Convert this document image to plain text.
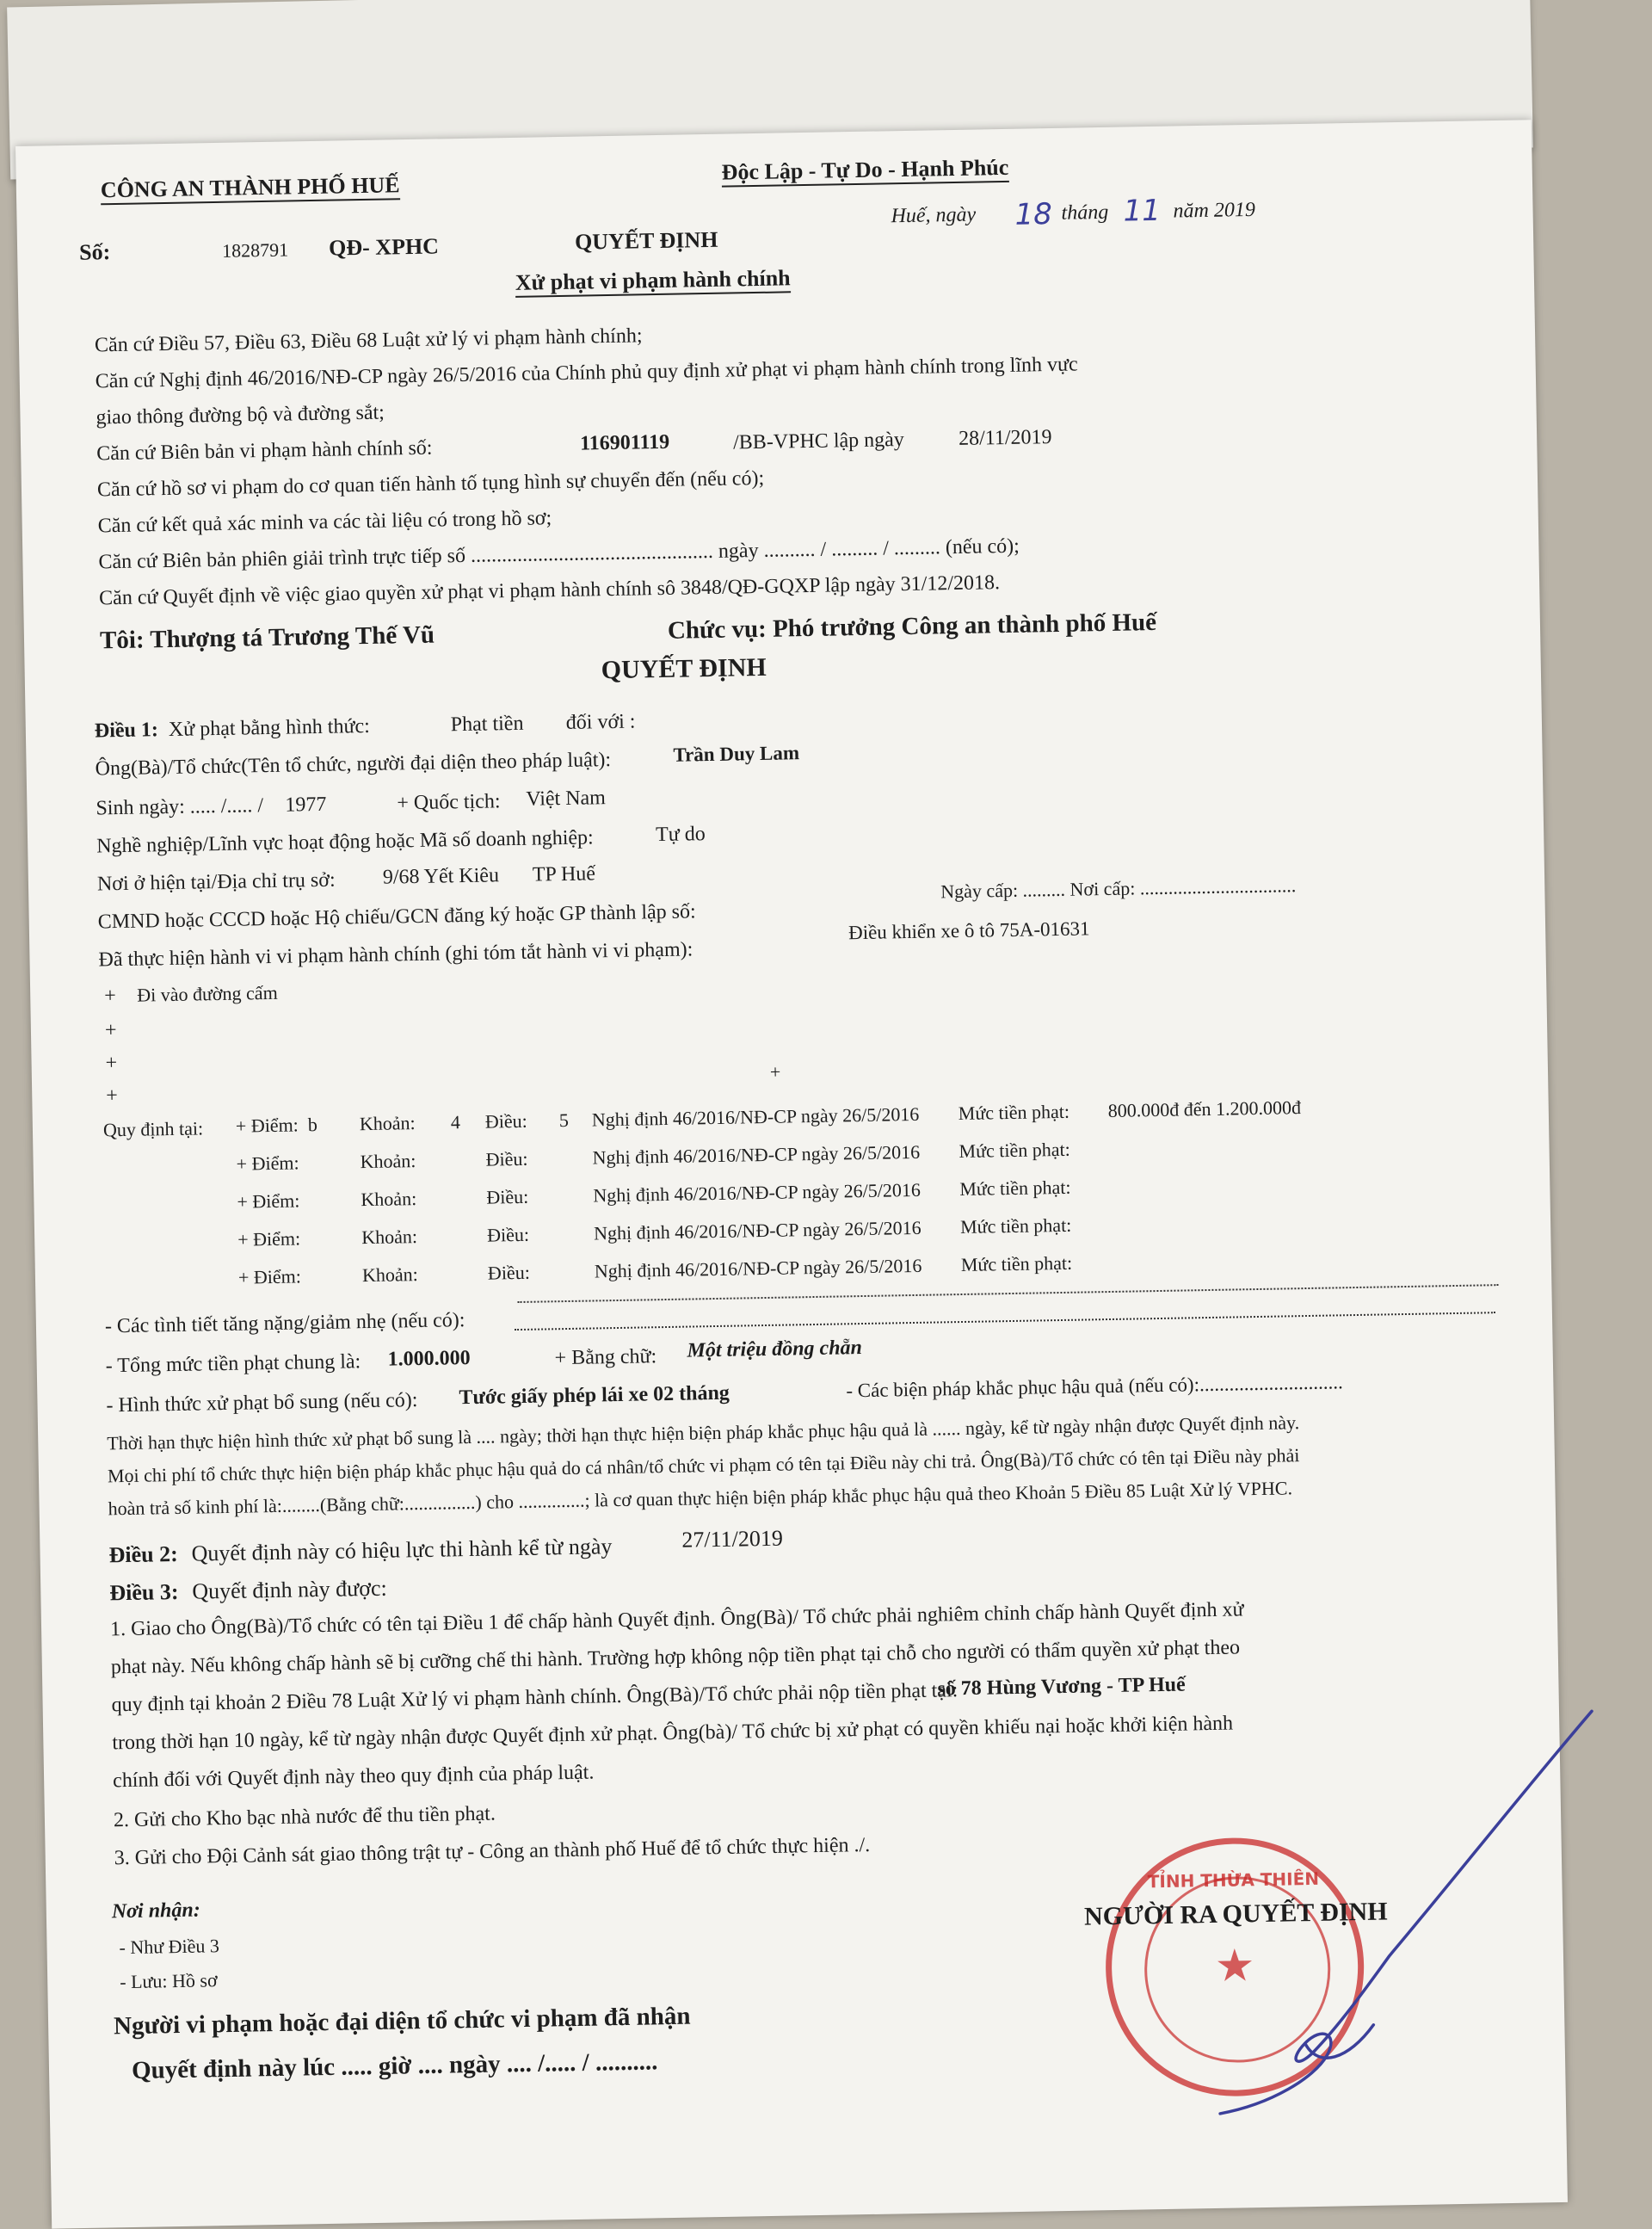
CÔNG AN THÀNH PHỐ HUẾ
Độc Lập - Tự Do - Hạnh Phúc
Số:	1828791 QĐ- XPHC
Huế, ngày 18 tháng 11 năm 2019
QUYẾT ĐỊNH
Xử phạt vi phạm hành chính
Căn cứ Điều 57, Điều 63, Điều 68 Luật xử lý vi phạm hành chính;
Căn cứ Nghị định 46/2016/NĐ-CP ngày 26/5/2016 của Chính phủ quy định xử phạt vi phạm hành chính trong lĩnh vực
giao thông đường bộ và đường sắt;
Căn cứ Biên bản vi phạm hành chính số:	116901119	/BB-VPHC lập ngày	28/11/2019
Căn cứ hồ sơ vi phạm do cơ quan tiến hành tố tụng hình sự chuyển đến (nếu có);
Căn cứ kết quả xác minh va các tài liệu có trong hồ sơ;
Căn cứ Biên bản phiên giải trình trực tiếp số ............................................... ngày .......... / ......... / ......... (nếu có);
Căn cứ Quyết định về việc giao quyền xử phạt vi phạm hành chính sô 3848/QĐ-GQXP lập ngày 31/12/2018.
Tôi: Thượng tá Trương Thế Vũ	Chức vụ: Phó trưởng Công an thành phố Huế
QUYẾT ĐỊNH
Điều 1: Xử phạt bằng hình thức:	Phạt tiền đối với :
Ông(Bà)/Tổ chức(Tên tổ chức, người đại diện theo pháp luật):	Trần Duy Lam
Sinh ngày: ..... /..... / 1977	+ Quốc tịch: Việt Nam
Nghề nghiệp/Lĩnh vực hoạt động hoặc Mã số doanh nghiệp:	Tự do
Nơi ở hiện tại/Địa chỉ trụ sở: 9/68 Yết Kiêu TP Huế
Ngày cấp: ......... Nơi cấp: .................................
CMND hoặc CCCD hoặc Hộ chiếu/GCN đăng ký hoặc GP thành lập số:
Đã thực hiện hành vi vi phạm hành chính (ghi tóm tắt hành vi vi phạm):
Điều khiển xe ô tô 75A-01631
+ Đi vào đường cấm
+
+
+
+
Quy định tại: + Điểm: b Khoản: 4 Điều: 5 Nghị định 46/2016/NĐ-CP ngày 26/5/2016 Mức tiền phạt: 800.000đ đến 1.200.000đ
+ Điểm:	Khoản:	Điều:	Nghị định 46/2016/NĐ-CP ngày 26/5/2016 Mức tiền phạt:
+ Điểm:	Khoản:	Điều:	Nghị định 46/2016/NĐ-CP ngày 26/5/2016 Mức tiền phạt:
+ Điểm:	Khoản:	Điều:	Nghị định 46/2016/NĐ-CP ngày 26/5/2016 Mức tiền phạt:
+ Điểm:	Khoản:	Điều:	Nghị định 46/2016/NĐ-CP ngày 26/5/2016 Mức tiền phạt:
- Các tình tiết tăng nặng/giảm nhẹ (nếu có):
- Tổng mức tiền phạt chung là: 1.000.000	+ Bằng chữ: Một triệu đồng chẵn
- Hình thức xử phạt bổ sung (nếu có): Tước giấy phép lái xe 02 tháng	- Các biện pháp khắc phục hậu quả (nếu có):.............................
Thời hạn thực hiện hình thức xử phạt bổ sung là .... ngày; thời hạn thực hiện biện pháp khắc phục hậu quả là ...... ngày, kể từ ngày nhận được Quyết định này.
Mọi chi phí tổ chức thực hiện biện pháp khắc phục hậu quả do cá nhân/tổ chức vi phạm có tên tại Điều này chi trả. Ông(Bà)/Tổ chức có tên tại Điều này phải
hoàn trả số kinh phí là:........(Bằng chữ:...............) cho ..............; là cơ quan thực hiện biện pháp khắc phục hậu quả theo Khoản 5 Điều 85 Luật Xử lý VPHC.
Điều 2: Quyết định này có hiệu lực thi hành kể từ ngày	27/11/2019
Điều 3: Quyết định này được:
1. Giao cho Ông(Bà)/Tổ chức có tên tại Điều 1 để chấp hành Quyết định. Ông(Bà)/ Tổ chức phải nghiêm chỉnh chấp hành Quyết định xử
phạt này. Nếu không chấp hành sẽ bị cưỡng chế thi hành. Trường hợp không nộp tiền phạt tại chỗ cho người có thẩm quyền xử phạt theo
quy định tại khoản 2 Điều 78 Luật Xử lý vi phạm hành chính. Ông(Bà)/Tổ chức phải nộp tiền phạt tại:
số 78 Hùng Vương - TP Huế
trong thời hạn 10 ngày, kể từ ngày nhận được Quyết định xử phạt. Ông(bà)/ Tổ chức bị xử phạt có quyền khiếu nại hoặc khởi kiện hành
chính đối với Quyết định này theo quy định của pháp luật.
2. Gửi cho Kho bạc nhà nước để thu tiền phạt.
3. Gửi cho Đội Cảnh sát giao thông trật tự - Công an thành phố Huế để tổ chức thực hiện ./.
Nơi nhận:
- Như Điều 3
- Lưu: Hồ sơ
TỈNH THỪA THIÊN
★
NGƯỜI RA QUYẾT ĐỊNH
Người vi phạm hoặc đại diện tổ chức vi phạm đã nhận
Quyết định này lúc ..... giờ .... ngày .... /..... / ..........
